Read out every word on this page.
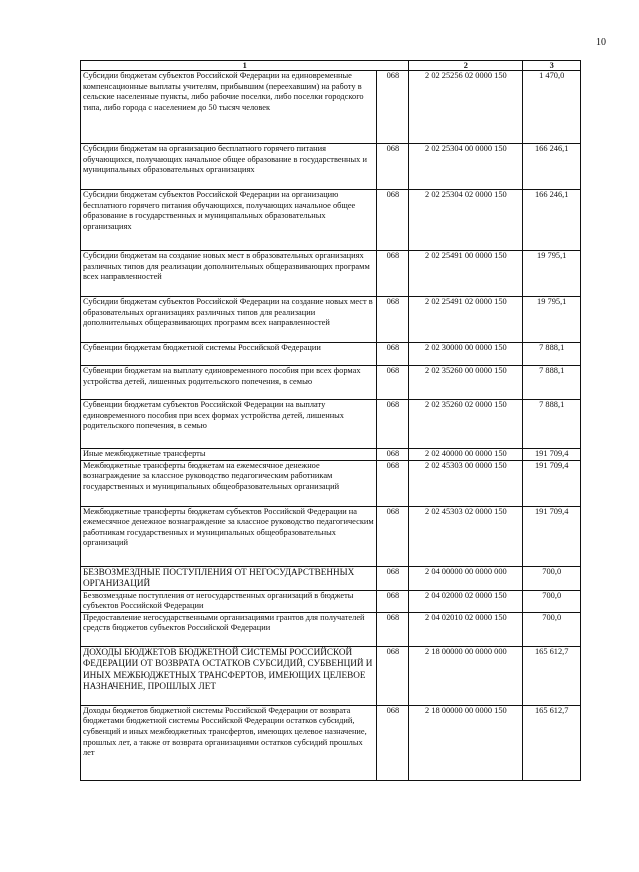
10
1		2	3
Субсидии бюджетам субъектов Российской Федерации на единовременные компенсационные выплаты учителям, прибывшим (переехавшим) на работу в сельские населенные пункты, либо рабочие поселки, либо поселки городского типа, либо города с населением до 50 тысяч человек	068	2 02 25256 02 0000 150	1 470,0
Субсидии бюджетам на организацию бесплатного горячего питания обучающихся, получающих начальное общее образование в государственных и муниципальных образовательных организациях	068	2 02 25304 00 0000 150	166 246,1
Субсидии бюджетам субъектов Российской Федерации на организацию бесплатного горячего питания обучающихся, получающих начальное общее образование в государственных и муниципальных образовательных организациях	068	2 02 25304 02 0000 150	166 246,1
Субсидии бюджетам на создание новых мест в образовательных организациях различных типов для реализации дополнительных общеразвивающих программ всех направленностей	068	2 02 25491 00 0000 150	19 795,1
Субсидии бюджетам субъектов Российской Федерации на создание новых мест в образовательных организациях различных типов для реализации дополнительных общеразвивающих программ всех направленностей	068	2 02 25491 02 0000 150	19 795,1
Субвенции бюджетам бюджетной системы Российской Федерации	068	2 02 30000 00 0000 150	7 888,1
Субвенции бюджетам на выплату единовременного пособия при всех формах устройства детей, лишенных родительского попечения, в семью	068	2 02 35260 00 0000 150	7 888,1
Субвенции бюджетам субъектов Российской Федерации на выплату единовременного пособия при всех формах устройства детей, лишенных родительского попечения, в семью	068	2 02 35260 02 0000 150	7 888,1
Иные межбюджетные трансферты	068	2 02 40000 00 0000 150	191 709,4
Межбюджетные трансферты бюджетам на ежемесячное денежное вознаграждение за классное руководство педагогическим работникам государственных и муниципальных общеобразовательных организаций	068	2 02 45303 00 0000 150	191 709,4
Межбюджетные трансферты бюджетам субъектов Российской Федерации на ежемесячное денежное вознаграждение за классное руководство педагогическим работникам государственных и муниципальных общеобразовательных организаций	068	2 02 45303 02 0000 150	191 709,4
БЕЗВОЗМЕЗДНЫЕ ПОСТУПЛЕНИЯ ОТ НЕГОСУДАРСТВЕННЫХ ОРГАНИЗАЦИЙ	068	2 04 00000 00 0000 000	700,0
Безвозмездные поступления от негосударственных организаций в бюджеты субъектов Российской Федерации	068	2 04 02000 02 0000 150	700,0
Предоставление негосударственными организациями грантов для получателей средств бюджетов субъектов Российской Федерации	068	2 04 02010 02 0000 150	700,0
ДОХОДЫ БЮДЖЕТОВ БЮДЖЕТНОЙ СИСТЕМЫ РОССИЙСКОЙ ФЕДЕРАЦИИ ОТ ВОЗВРАТА ОСТАТКОВ СУБСИДИЙ, СУБВЕНЦИЙ И ИНЫХ МЕЖБЮДЖЕТНЫХ ТРАНСФЕРТОВ, ИМЕЮЩИХ ЦЕЛЕВОЕ НАЗНАЧЕНИЕ, ПРОШЛЫХ ЛЕТ	068	2 18 00000 00 0000 000	165 612,7
Доходы бюджетов бюджетной системы Российской Федерации от возврата бюджетами бюджетной системы Российской Федерации остатков субсидий, субвенций и иных межбюджетных трансфертов, имеющих целевое назначение, прошлых лет, а также от возврата организациями остатков субсидий прошлых лет	068	2 18 00000 00 0000 150	165 612,7
